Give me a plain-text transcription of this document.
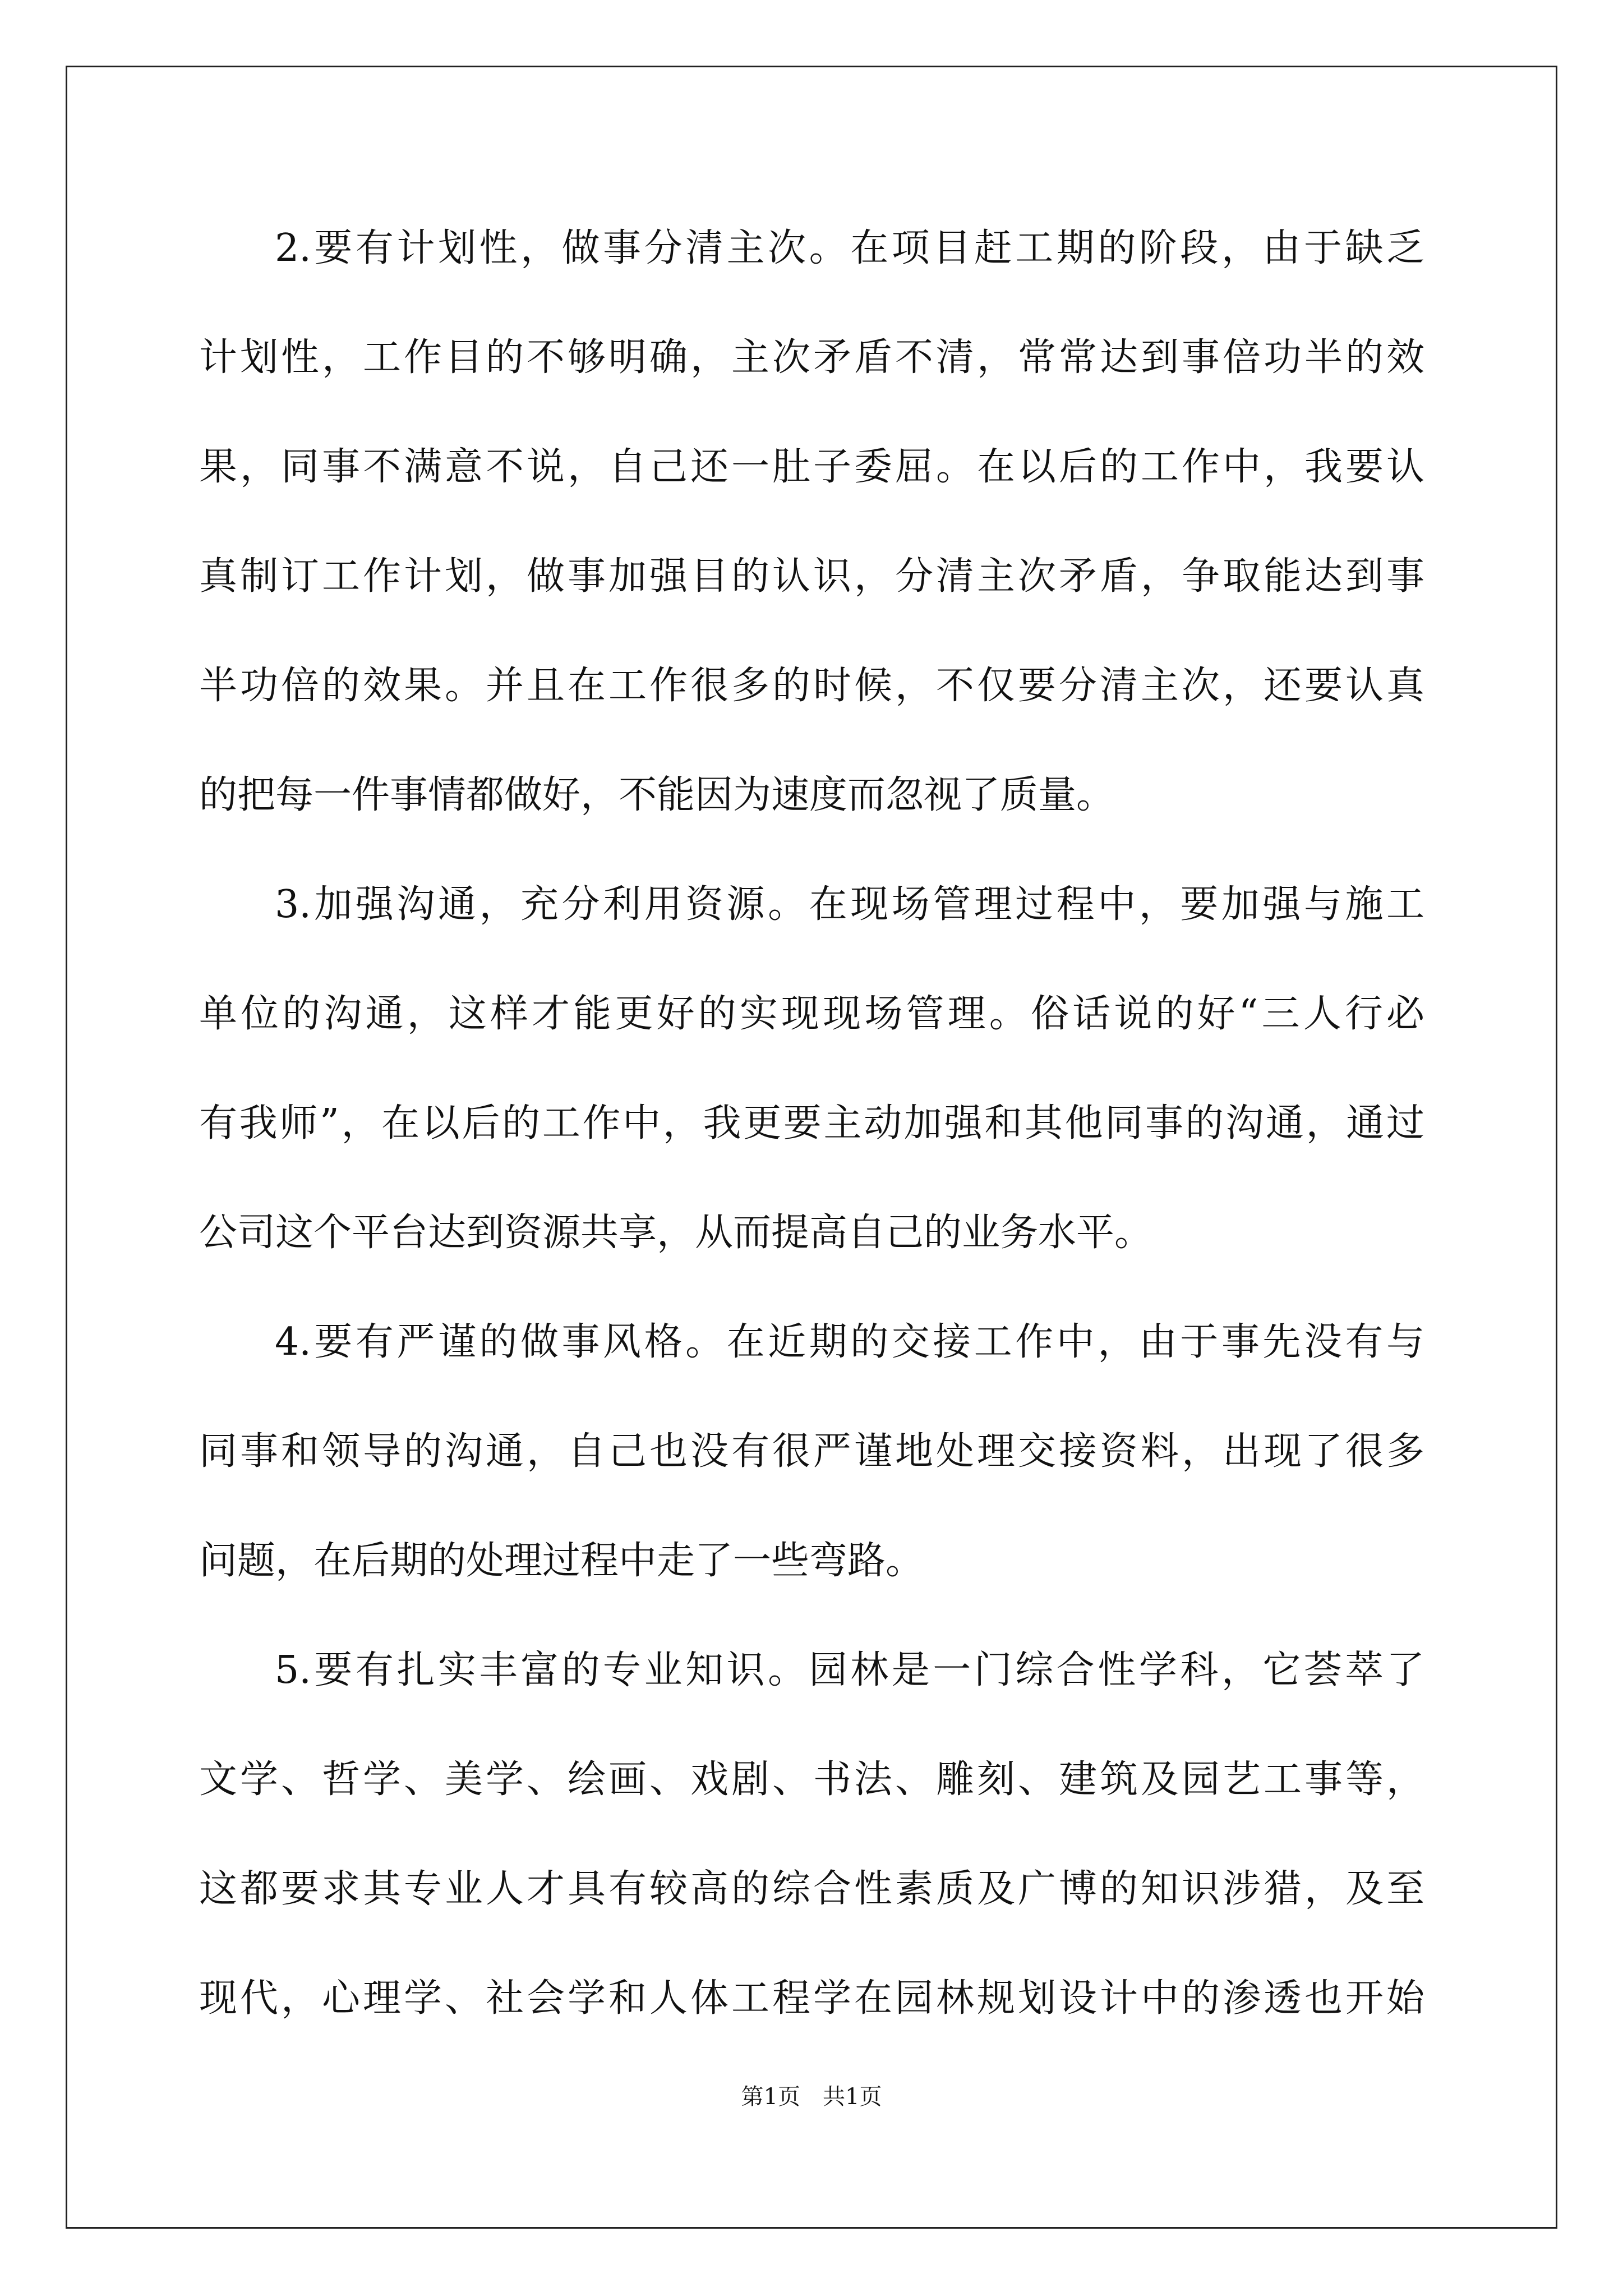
2.要有计划性，做事分清主次。在项目赶工期的阶段，由于缺乏

计划性，工作目的不够明确，主次矛盾不清，常常达到事倍功半的效

果，同事不满意不说，自己还一肚子委屈。在以后的工作中，我要认

真制订工作计划，做事加强目的认识，分清主次矛盾，争取能达到事

半功倍的效果。并且在工作很多的时候，不仅要分清主次，还要认真

的把每一件事情都做好，不能因为速度而忽视了质量。

3.加强沟通，充分利用资源。在现场管理过程中，要加强与施工

单位的沟通，这样才能更好的实现现场管理。俗话说的好“三人行必

有我师”，在以后的工作中，我更要主动加强和其他同事的沟通，通过

公司这个平台达到资源共享，从而提高自己的业务水平。

4.要有严谨的做事风格。在近期的交接工作中，由于事先没有与

同事和领导的沟通，自己也没有很严谨地处理交接资料，出现了很多

问题，在后期的处理过程中走了一些弯路。

5.要有扎实丰富的专业知识。园林是一门综合性学科，它荟萃了

文学、哲学、美学、绘画、戏剧、书法、雕刻、建筑及园艺工事等，

这都要求其专业人才具有较高的综合性素质及广博的知识涉猎，及至

现代，心理学、社会学和人体工程学在园林规划设计中的渗透也开始

第1页　共1页
